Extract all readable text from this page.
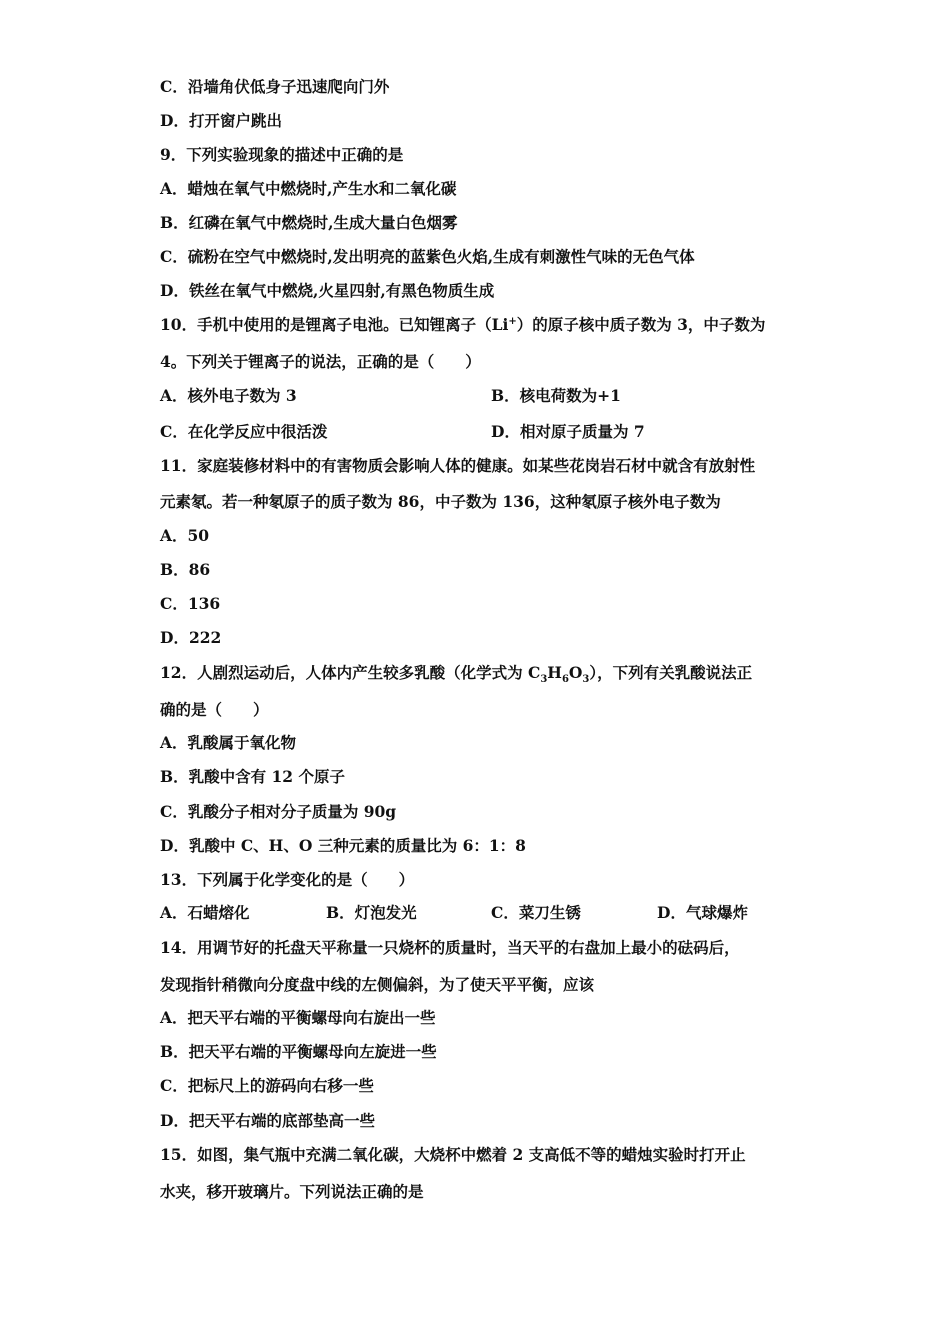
C．沿墙角伏低身子迅速爬向门外
D．打开窗户跳出
9．下列实验现象的描述中正确的是
A．蜡烛在氧气中燃烧时,产生水和二氧化碳
B．红磷在氧气中燃烧时,生成大量白色烟雾
C．硫粉在空气中燃烧时,发出明亮的蓝紫色火焰,生成有刺激性气味的无色气体
D．铁丝在氧气中燃烧,火星四射,有黑色物质生成
10．手机中使用的是锂离子电池。已知锂离子（Li+）的原子核中质子数为 3，中子数为
4。下列关于锂离子的说法，正确的是（　　）
A．核外电子数为 3	B．核电荷数为+1
C．在化学反应中很活泼	D．相对原子质量为 7
11．家庭装修材料中的有害物质会影响人体的健康。如某些花岗岩石材中就含有放射性
元素氡。若一种氡原子的质子数为 86，中子数为 136，这种氡原子核外电子数为
A．50
B．86
C．136
D．222
12．人剧烈运动后，人体内产生较多乳酸（化学式为 $C_3H_6O_3$），下列有关乳酸说法正
确的是（　　）
A．乳酸属于氧化物
B．乳酸中含有 12 个原子
C．乳酸分子相对分子质量为 90g
D．乳酸中 C、H、O 三种元素的质量比为 6：1：8
13．下列属于化学变化的是（　　）
A．石蜡熔化	B．灯泡发光	C．菜刀生锈	D．气球爆炸
14．用调节好的托盘天平称量一只烧杯的质量时，当天平的右盘加上最小的砝码后，
发现指针稍微向分度盘中线的左侧偏斜，为了使天平平衡，应该
A．把天平右端的平衡螺母向右旋出一些
B．把天平右端的平衡螺母向左旋进一些
C．把标尺上的游码向右移一些
D．把天平右端的底部垫高一些
15．如图，集气瓶中充满二氧化碳，大烧杯中燃着 2 支高低不等的蜡烛实验时打开止
水夹，移开玻璃片。下列说法正确的是
